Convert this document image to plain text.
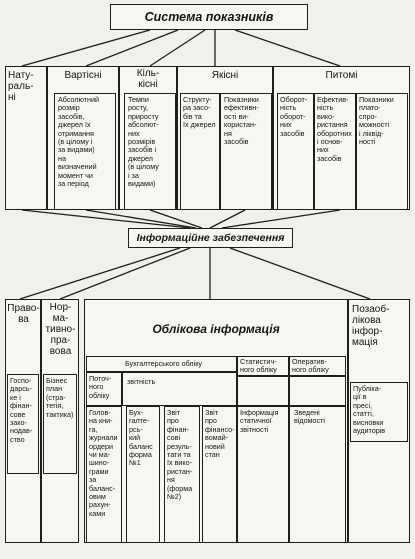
Система показників
Нату-
раль-
ні
Вартісні
Абсолютний
розмір
засобів,
джерел їх
отримання
(в цілому і
за видами)
на
визначений
момент чи
за період
Кіль-
кісні
Темпи
росту,
приросту
абсолют-
них
розмірів
засобів і
джерел
(в цілому
і за
видами)
Якісні
Структу-
ра засо-
бів та
їх джерел
Показники
ефективн-
ості ви-
користан-
ня
засобів
Питомі
Оборот-
ність
оборот-
них
засобів
Ефектив-
ність
вико-
ристання
оборотних
і основ-
них
засобів
Показники
плато-
спро-
можності
і ліквід-
ності
Інформаційне забезпечення
Право-
ва
Госпо-
дарсь-
ке і
фінан-
сове
зако-
нодав-
ство
Нор-
ма-
тивно-
пра-
вова
Бізнес
план
(стра-
тегія,
тактика)
Облікова інформація
Бухгалтерського обліку	Статистич-
ного обліку
Оператив-
ного обліку
Поточ-
ного
обліку
звітність
Голов-
на кни-
га,
журнали
ордери
чи ма-
шино-
грами
за
баланс-
овим
рахун-
ками
Бух-
галте-
рсь-
кий
баланс
форма
№1
Звіт
про
фінан-
сові
резуль-
тати та
їх вико-
ристан-
ня
(форма
№2)
Звіт
про
фінансо-
вомай-
новий
стан
Інформація
статичної
звітності
Зведені
відомості
Позаоб-
лікова
інфор-
мація
Публіка-
ції в
пресі,
статті,
висновки
аудиторів
